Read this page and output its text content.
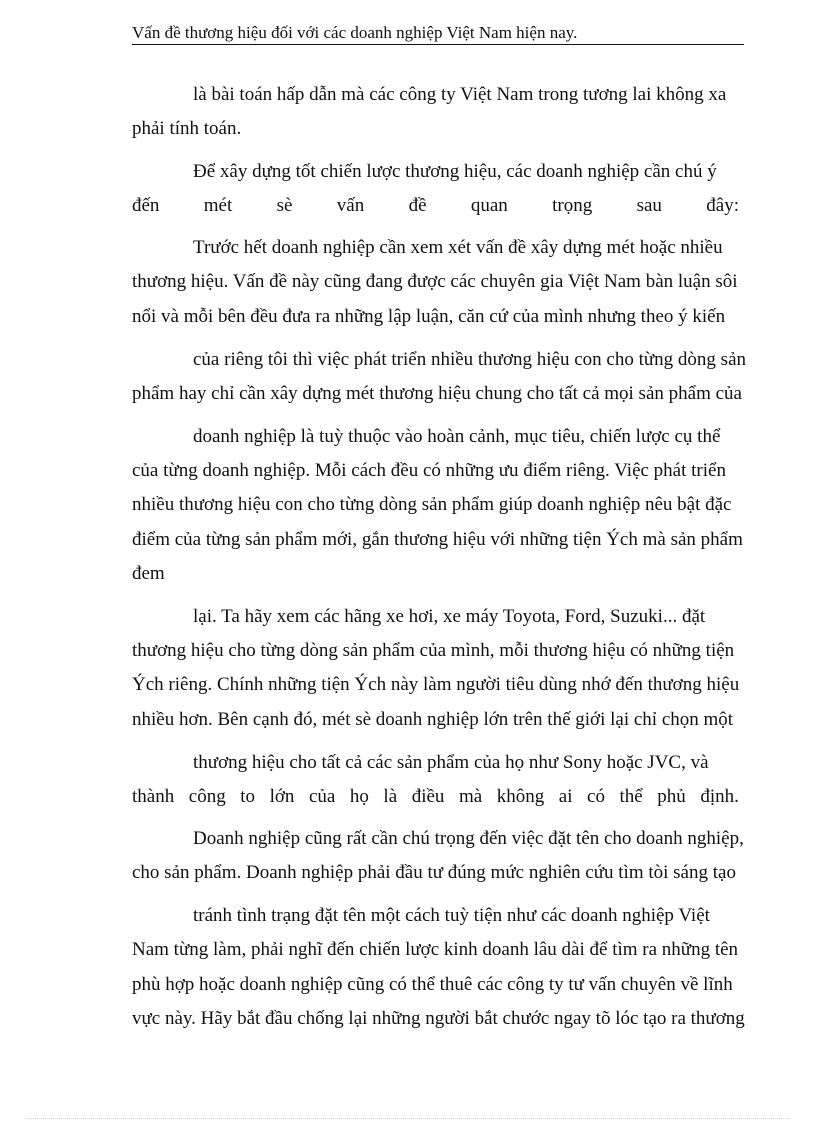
Vấn đề thương hiệu đối với các doanh nghiệp Việt Nam hiện nay.
là bài toán hấp dẫn mà các công ty Việt Nam trong tương lai không xa
phải tính toán.
Để xây dựng tốt chiến lược thương hiệu, các doanh nghiệp cần chú ý
đến mét sè vấn đề quan trọng sau đây:
Trước hết doanh nghiệp cần xem xét vấn đề xây dựng mét hoặc nhiều
thương hiệu. Vấn đề này cũng đang được các chuyên gia Việt Nam bàn luận sôi
nổi và mỗi bên đều đưa ra những lập luận, căn cứ của mình nhưng theo ý kiến
của riêng tôi thì việc phát triển nhiều thương hiệu con cho từng dòng sản
phẩm hay chỉ cần xây dựng mét thương hiệu chung cho tất cả mọi sản phẩm của
doanh nghiệp là tuỳ thuộc vào hoàn cảnh, mục tiêu, chiến lược cụ thể
của từng doanh nghiệp. Mỗi cách đều có những ưu điểm riêng. Việc phát triển
nhiều thương hiệu con cho từng dòng sản phẩm giúp doanh nghiệp nêu bật đặc
điểm của từng sản phẩm mới, gắn thương hiệu với những tiện Ých mà sản phẩm
đem
lại. Ta hãy xem các hãng xe hơi, xe máy Toyota, Ford, Suzuki... đặt
thương hiệu cho từng dòng sản phẩm của mình, mỗi thương hiệu có những tiện
Ých riêng. Chính những tiện Ých này làm người tiêu dùng nhớ đến thương hiệu
nhiều hơn. Bên cạnh đó, mét sè doanh nghiệp lớn trên thế giới lại chỉ chọn một
thương hiệu cho tất cả các sản phẩm của họ như Sony hoặc JVC, và
thành công to lớn của họ là điều mà không ai có thể phủ định.
Doanh nghiệp cũng rất cần chú trọng đến việc đặt tên cho doanh nghiệp,
cho sản phẩm. Doanh nghiệp phải đầu tư đúng mức nghiên cứu tìm tòi sáng tạo
tránh tình trạng đặt tên một cách tuỳ tiện như các doanh nghiệp Việt
Nam từng làm, phải nghĩ đến chiến lược kinh doanh lâu dài để tìm ra những tên
phù hợp hoặc doanh nghiệp cũng có thể thuê các công ty tư vấn chuyên về lĩnh
vực này. Hãy bắt đầu chống lại những người bắt chước ngay tõ lóc tạo ra thương
